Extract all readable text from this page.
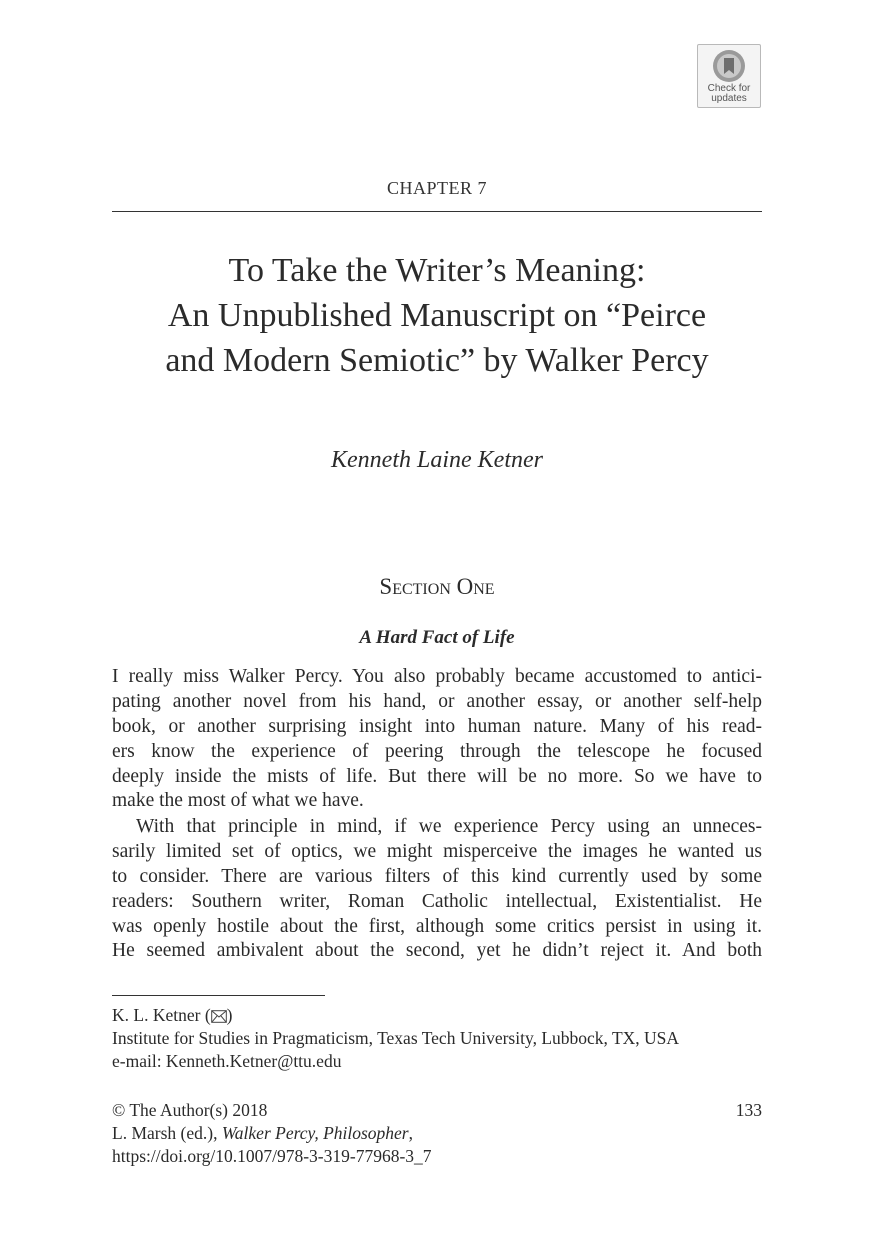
Check for
updates
CHAPTER 7
To Take the Writer’s Meaning:
An Unpublished Manuscript on “Peirce
and Modern Semiotic” by Walker Percy
Kenneth Laine Ketner
Section One
A Hard Fact of Life
I really miss Walker Percy. You also probably became accustomed to antici-
pating another novel from his hand, or another essay, or another self-help
book, or another surprising insight into human nature. Many of his read-
ers know the experience of peering through the telescope he focused
deeply inside the mists of life. But there will be no more. So we have to
make the most of what we have.
With that principle in mind, if we experience Percy using an unneces-
sarily limited set of optics, we might misperceive the images he wanted us
to consider. There are various filters of this kind currently used by some
readers: Southern writer, Roman Catholic intellectual, Existentialist. He
was openly hostile about the first, although some critics persist in using it.
He seemed ambivalent about the second, yet he didn’t reject it. And both
K. L. Ketner ( )
Institute for Studies in Pragmaticism, Texas Tech University, Lubbock, TX, USA
e-mail: Kenneth.Ketner@ttu.edu
© The Author(s) 2018	133
L. Marsh (ed.), Walker Percy, Philosopher,
https://doi.org/10.1007/978-3-319-77968-3_7
